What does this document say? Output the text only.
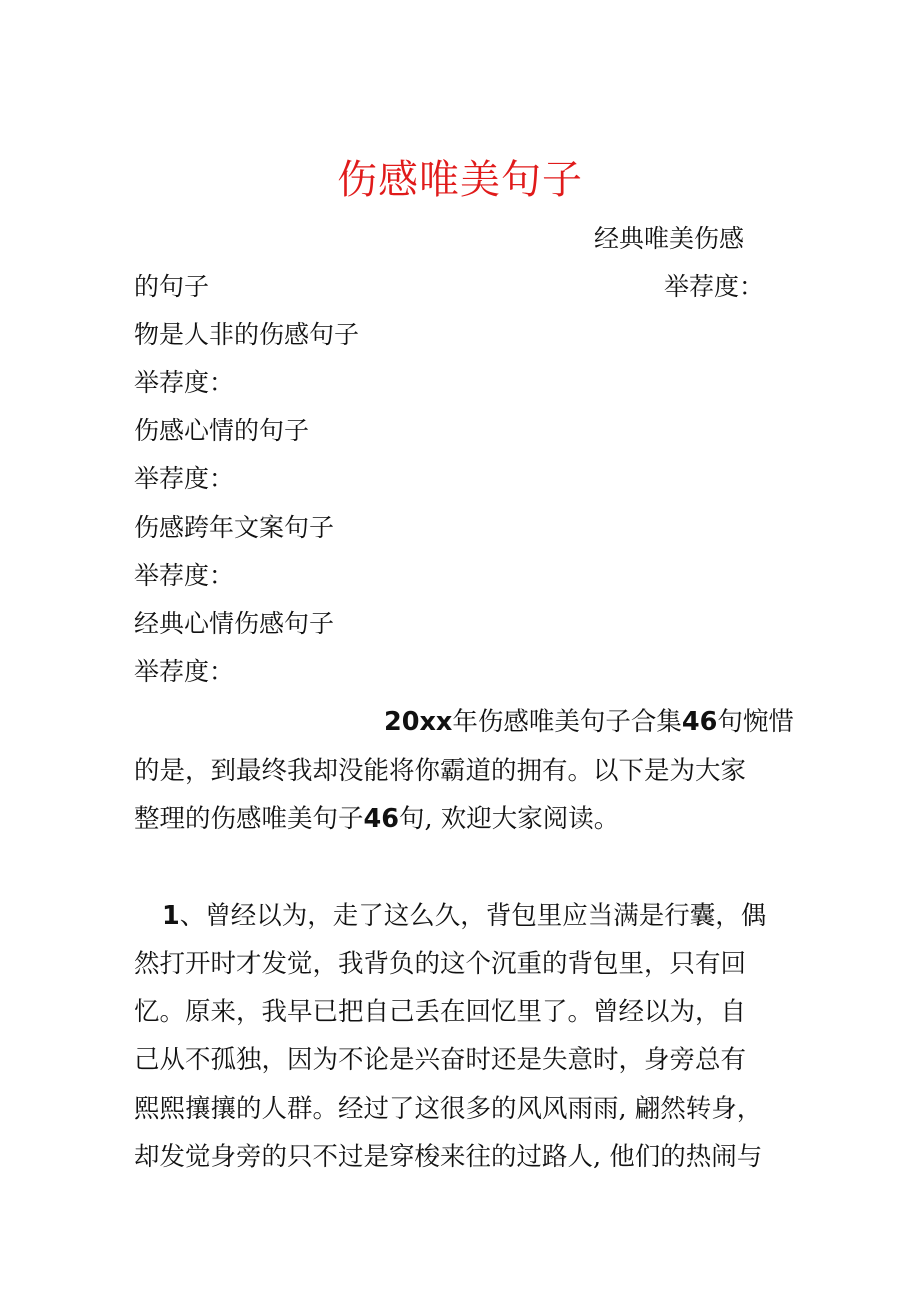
伤感唯美句子
经典唯美伤感
的句子	举荐度：
物是人非的伤感句子
举荐度：
伤感心情的句子
举荐度：
伤感跨年文案句子
举荐度：
经典心情伤感句子
举荐度：
20xx年伤感唯美句子合集46句惋惜
的是，到最终我却没能将你霸道的拥有。以下是为大家
整理的伤感唯美句子46句, 欢迎大家阅读。
1、曾经以为，走了这么久，背包里应当满是行囊，偶
然打开时才发觉，我背负的这个沉重的背包里，只有回
忆。原来，我早已把自己丢在回忆里了。曾经以为，自
己从不孤独，因为不论是兴奋时还是失意时，身旁总有
熙熙攘攘的人群。经过了这很多的风风雨雨, 翩然转身，
却发觉身旁的只不过是穿梭来往的过路人, 他们的热闹与
